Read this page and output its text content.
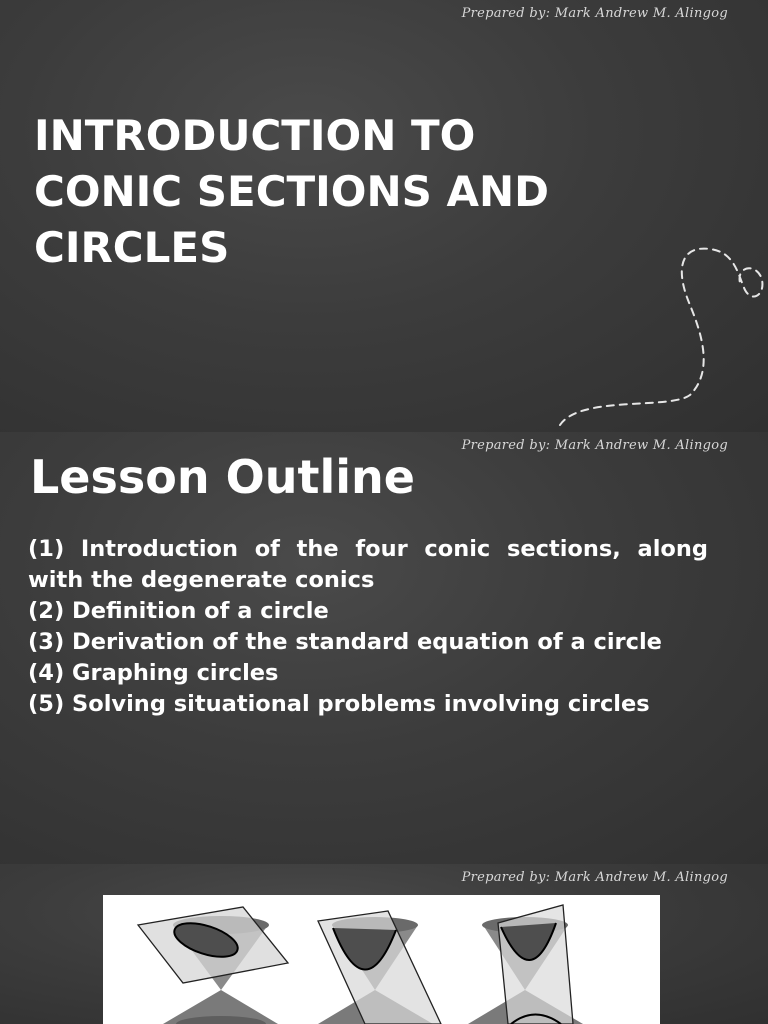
Prepared by: Mark Andrew M. Alingog
INTRODUCTION TO
CONIC SECTIONS AND
CIRCLES
Prepared by: Mark Andrew M. Alingog
Lesson Outline
(1) Introduction of the four conic sections, along with the degenerate conics
(2) Definition of a circle
(3) Derivation of the standard equation of a circle
(4) Graphing circles
(5) Solving situational problems involving circles
Prepared by: Mark Andrew M. Alingog
